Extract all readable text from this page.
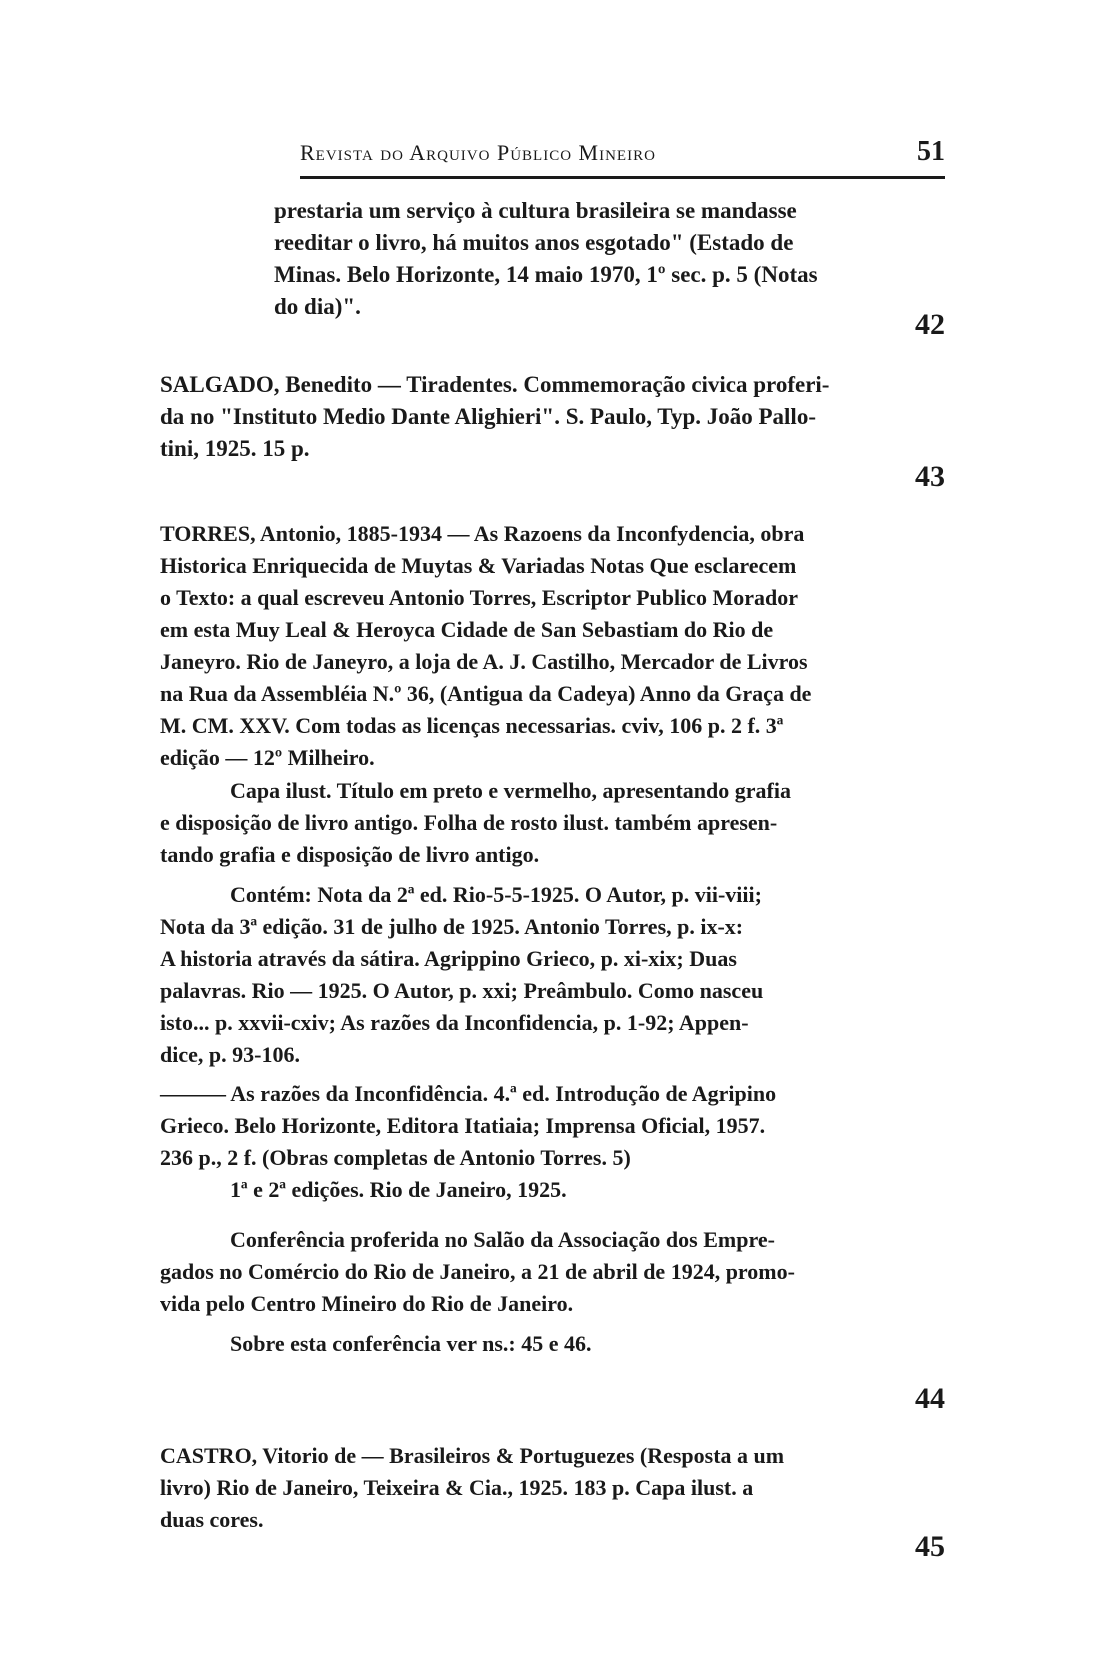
Revista do Arquivo Público Mineiro	51
prestaria um serviço à cultura brasileira se mandasse
reeditar o livro, há muitos anos esgotado" (Estado de
Minas. Belo Horizonte, 14 maio 1970, 1º sec. p. 5 (Notas
do dia)".
42
SALGADO, Benedito — Tiradentes. Commemoração civica proferi-
da no "Instituto Medio Dante Alighieri". S. Paulo, Typ. João Pallo-
tini, 1925. 15 p.
43
TORRES, Antonio, 1885-1934 — As Razoens da Inconfydencia, obra
Historica Enriquecida de Muytas & Variadas Notas Que esclarecem
o Texto: a qual escreveu Antonio Torres, Escriptor Publico Morador
em esta Muy Leal & Heroyca Cidade de San Sebastiam do Rio de
Janeyro. Rio de Janeyro, a loja de A. J. Castilho, Mercador de Livros
na Rua da Assembléia N.º 36, (Antigua da Cadeya) Anno da Graça de
M. CM. XXV. Com todas as licenças necessarias. cviv, 106 p. 2 f. 3ª
edição — 12º Milheiro.
Capa ilust. Título em preto e vermelho, apresentando grafia
e disposição de livro antigo. Folha de rosto ilust. também apresen-
tando grafia e disposição de livro antigo.
Contém: Nota da 2ª ed. Rio-5-5-1925. O Autor, p. vii-viii;
Nota da 3ª edição. 31 de julho de 1925. Antonio Torres, p. ix-x:
A historia através da sátira. Agrippino Grieco, p. xi-xix; Duas
palavras. Rio — 1925. O Autor, p. xxi; Preâmbulo. Como nasceu
isto... p. xxvii-cxiv; As razões da Inconfidencia, p. 1-92; Appen-
dice, p. 93-106.
——— As razões da Inconfidência. 4.ª ed. Introdução de Agripino
Grieco. Belo Horizonte, Editora Itatiaia; Imprensa Oficial, 1957.
236 p., 2 f. (Obras completas de Antonio Torres. 5)
1ª e 2ª edições. Rio de Janeiro, 1925.
Conferência proferida no Salão da Associação dos Empre-
gados no Comércio do Rio de Janeiro, a 21 de abril de 1924, promo-
vida pelo Centro Mineiro do Rio de Janeiro.
Sobre esta conferência ver ns.: 45 e 46.
44
CASTRO, Vitorio de — Brasileiros & Portuguezes (Resposta a um
livro) Rio de Janeiro, Teixeira & Cia., 1925. 183 p. Capa ilust. a
duas cores.
45
